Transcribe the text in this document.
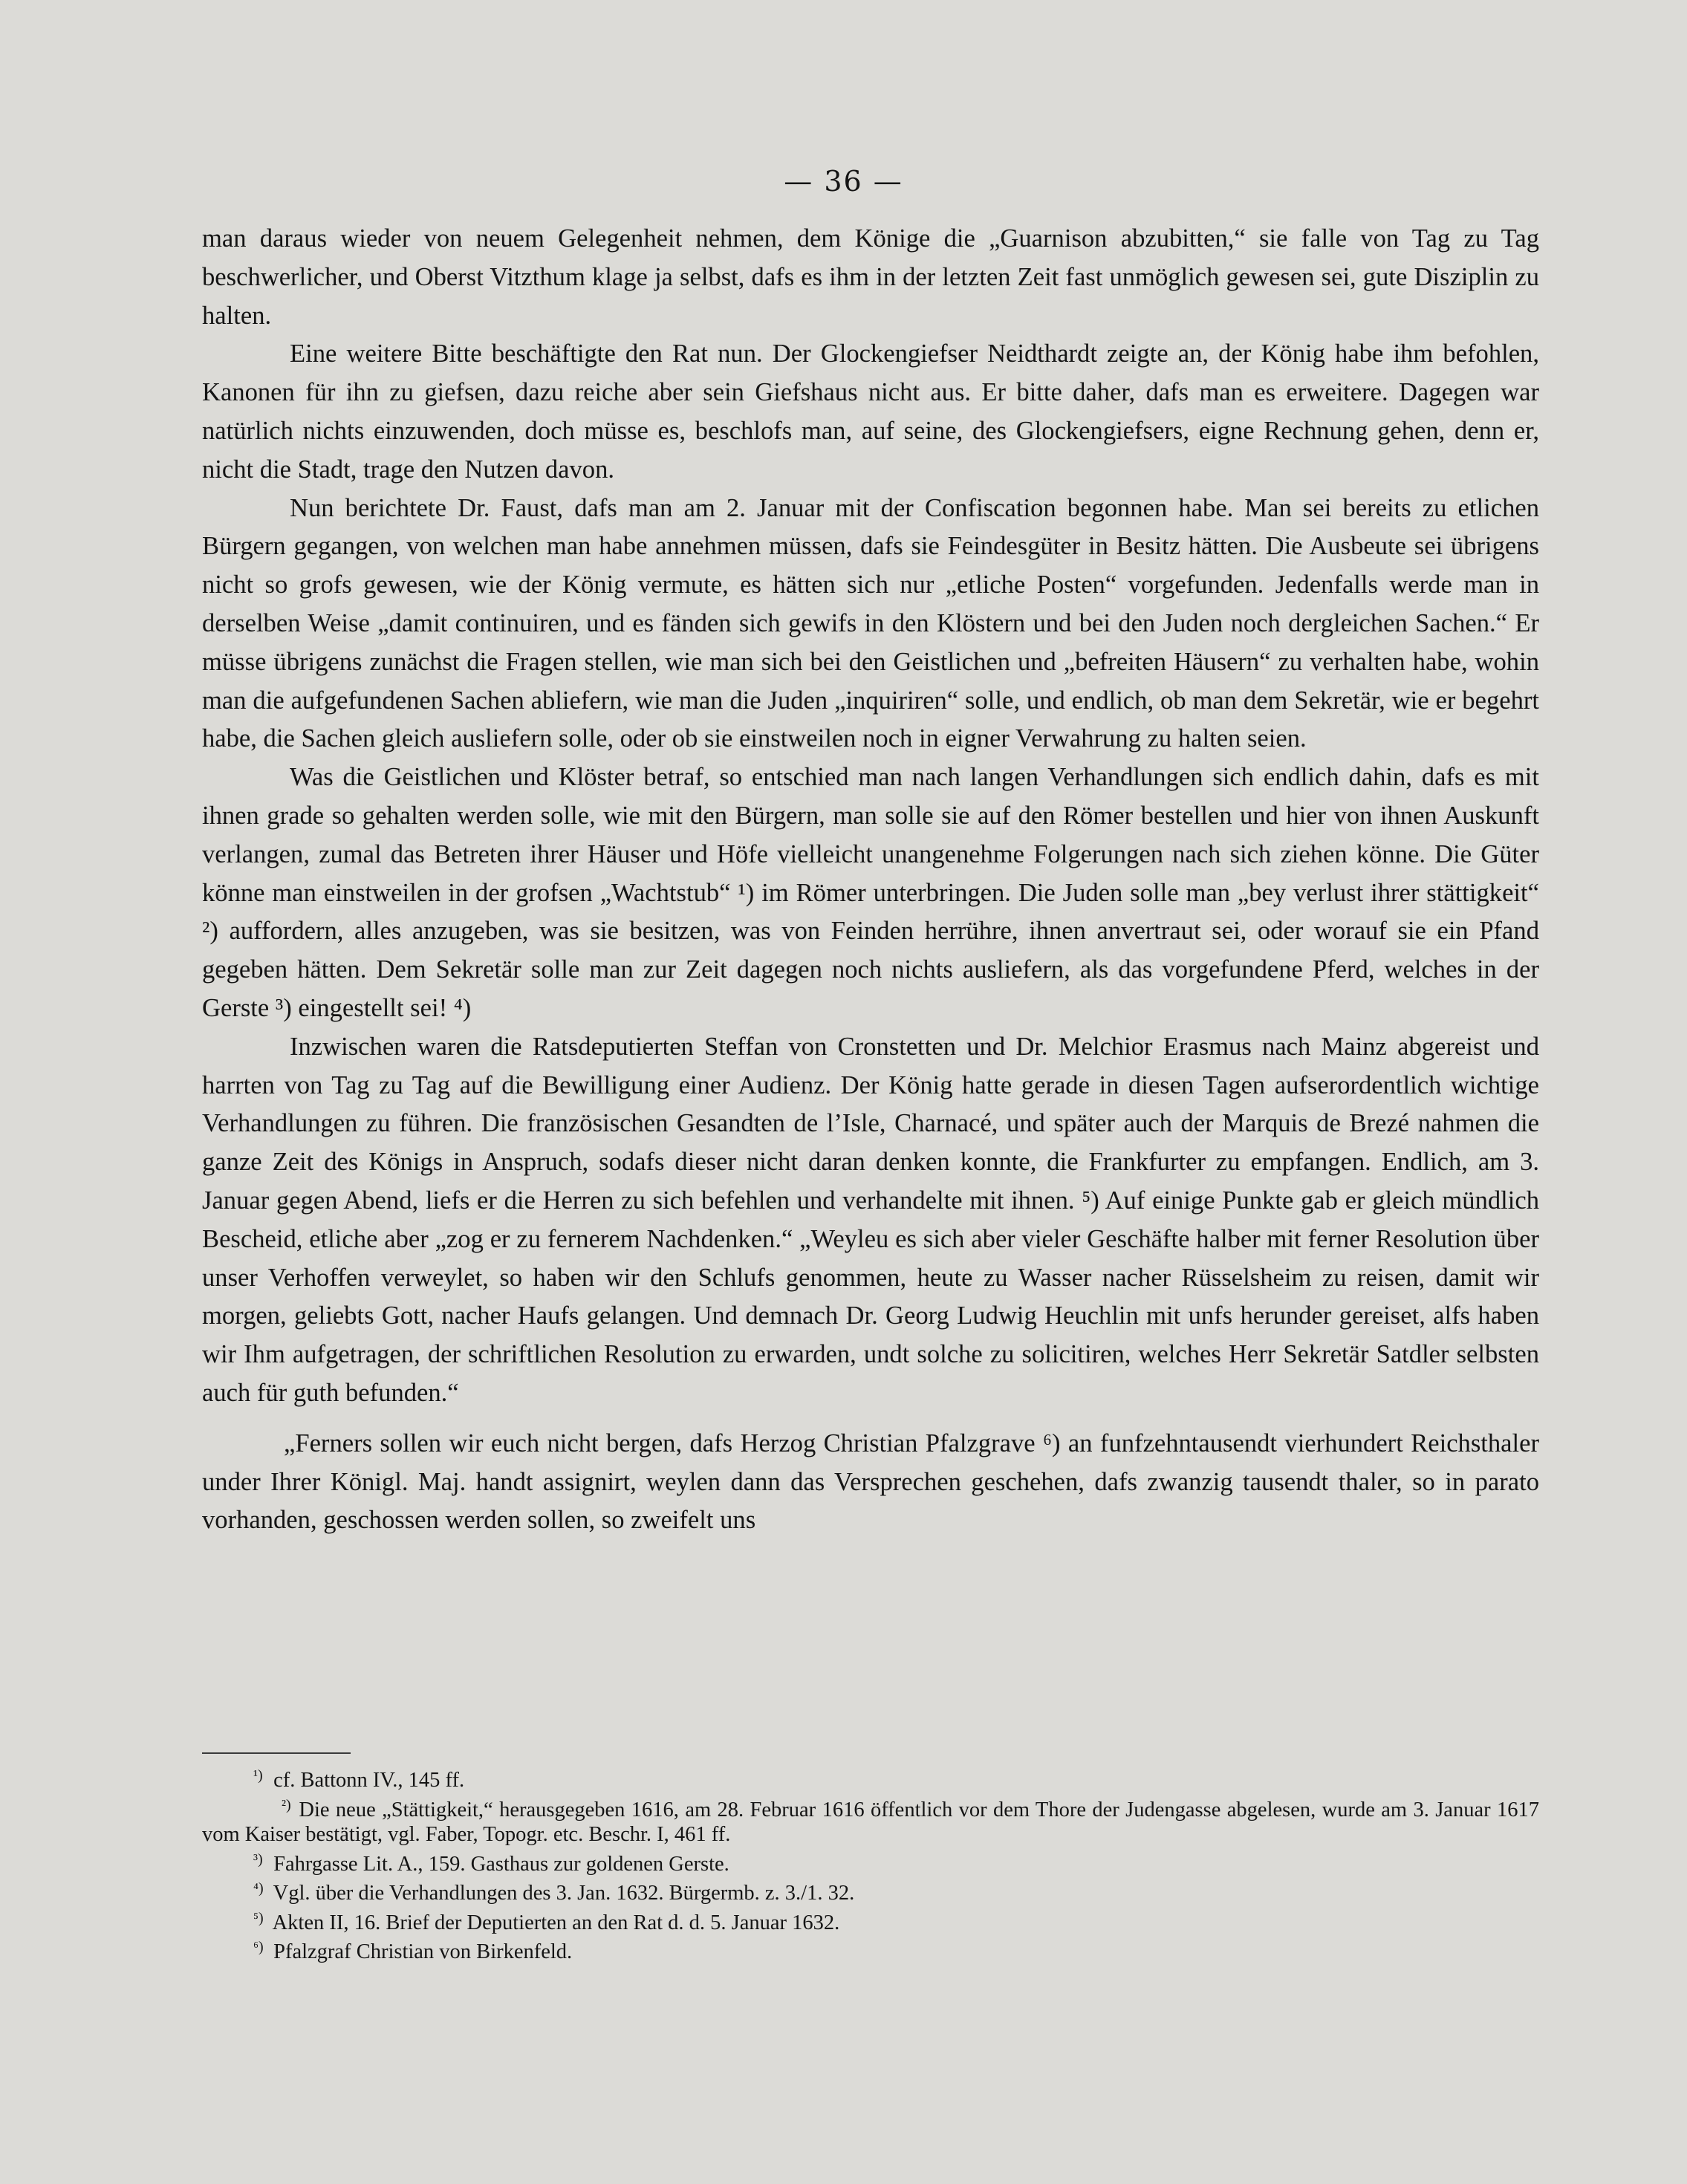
— 36 —

man daraus wieder von neuem Gelegenheit nehmen, dem Könige die „Guarnison abzubitten,“ sie falle von Tag zu Tag beschwerlicher, und Oberst Vitzthum klage ja selbst, dafs es ihm in der letzten Zeit fast unmöglich gewesen sei, gute Disziplin zu halten.

Eine weitere Bitte beschäftigte den Rat nun. Der Glockengiefser Neidthardt zeigte an, der König habe ihm befohlen, Kanonen für ihn zu giefsen, dazu reiche aber sein Giefshaus nicht aus. Er bitte daher, dafs man es erweitere. Dagegen war natürlich nichts einzuwenden, doch müsse es, beschlofs man, auf seine, des Glockengiefsers, eigne Rechnung gehen, denn er, nicht die Stadt, trage den Nutzen davon.

Nun berichtete Dr. Faust, dafs man am 2. Januar mit der Confiscation begonnen habe. Man sei bereits zu etlichen Bürgern gegangen, von welchen man habe annehmen müssen, dafs sie Feindesgüter in Besitz hätten. Die Ausbeute sei übrigens nicht so grofs gewesen, wie der König vermute, es hätten sich nur „etliche Posten“ vorgefunden. Jedenfalls werde man in derselben Weise „damit continuiren, und es fänden sich gewifs in den Klöstern und bei den Juden noch dergleichen Sachen.“ Er müsse übrigens zunächst die Fragen stellen, wie man sich bei den Geistlichen und „befreiten Häusern“ zu verhalten habe, wohin man die aufgefundenen Sachen abliefern, wie man die Juden „inquiriren“ solle, und endlich, ob man dem Sekretär, wie er begehrt habe, die Sachen gleich ausliefern solle, oder ob sie einstweilen noch in eigner Verwahrung zu halten seien.

Was die Geistlichen und Klöster betraf, so entschied man nach langen Verhandlungen sich endlich dahin, dafs es mit ihnen grade so gehalten werden solle, wie mit den Bürgern, man solle sie auf den Römer bestellen und hier von ihnen Auskunft verlangen, zumal das Betreten ihrer Häuser und Höfe vielleicht unangenehme Folgerungen nach sich ziehen könne. Die Güter könne man einstweilen in der grofsen „Wachtstub“ ¹) im Römer unterbringen. Die Juden solle man „bey verlust ihrer stättigkeit“ ²) auffordern, alles anzugeben, was sie besitzen, was von Feinden herrühre, ihnen anvertraut sei, oder worauf sie ein Pfand gegeben hätten. Dem Sekretär solle man zur Zeit dagegen noch nichts ausliefern, als das vorgefundene Pferd, welches in der Gerste ³) eingestellt sei! ⁴)

Inzwischen waren die Ratsdeputierten Steffan von Cronstetten und Dr. Melchior Erasmus nach Mainz abgereist und harrten von Tag zu Tag auf die Bewilligung einer Audienz. Der König hatte gerade in diesen Tagen aufserordentlich wichtige Verhandlungen zu führen. Die französischen Gesandten de l’Isle, Charnacé, und später auch der Marquis de Brezé nahmen die ganze Zeit des Königs in Anspruch, sodafs dieser nicht daran denken konnte, die Frankfurter zu empfangen. Endlich, am 3. Januar gegen Abend, liefs er die Herren zu sich befehlen und verhandelte mit ihnen. ⁵) Auf einige Punkte gab er gleich mündlich Bescheid, etliche aber „zog er zu fernerem Nachdenken.“ „Weyleu es sich aber vieler Geschäfte halber mit ferner Resolution über unser Verhoffen verweylet, so haben wir den Schlufs genommen, heute zu Wasser nacher Rüsselsheim zu reisen, damit wir morgen, geliebts Gott, nacher Haufs gelangen. Und demnach Dr. Georg Ludwig Heuchlin mit unfs herunder gereiset, alfs haben wir Ihm aufgetragen, der schriftlichen Resolution zu erwarden, undt solche zu solicitiren, welches Herr Sekretär Satdler selbsten auch für guth befunden.“

„Ferners sollen wir euch nicht bergen, dafs Herzog Christian Pfalzgrave ⁶) an funfzehntausendt vierhundert Reichsthaler under Ihrer Königl. Maj. handt assignirt, weylen dann das Versprechen geschehen, dafs zwanzig tausendt thaler, so in parato vorhanden, geschossen werden sollen, so zweifelt uns

¹) cf. Battonn IV., 145 ff.

²) Die neue „Stättigkeit,“ herausgegeben 1616, am 28. Februar 1616 öffentlich vor dem Thore der Judengasse abgelesen, wurde am 3. Januar 1617 vom Kaiser bestätigt, vgl. Faber, Topogr. etc. Beschr. I, 461 ff.

³) Fahrgasse Lit. A., 159. Gasthaus zur goldenen Gerste.

⁴) Vgl. über die Verhandlungen des 3. Jan. 1632. Bürgermb. z. 3./1. 32.

⁵) Akten II, 16. Brief der Deputierten an den Rat d. d. 5. Januar 1632.

⁶) Pfalzgraf Christian von Birkenfeld.
